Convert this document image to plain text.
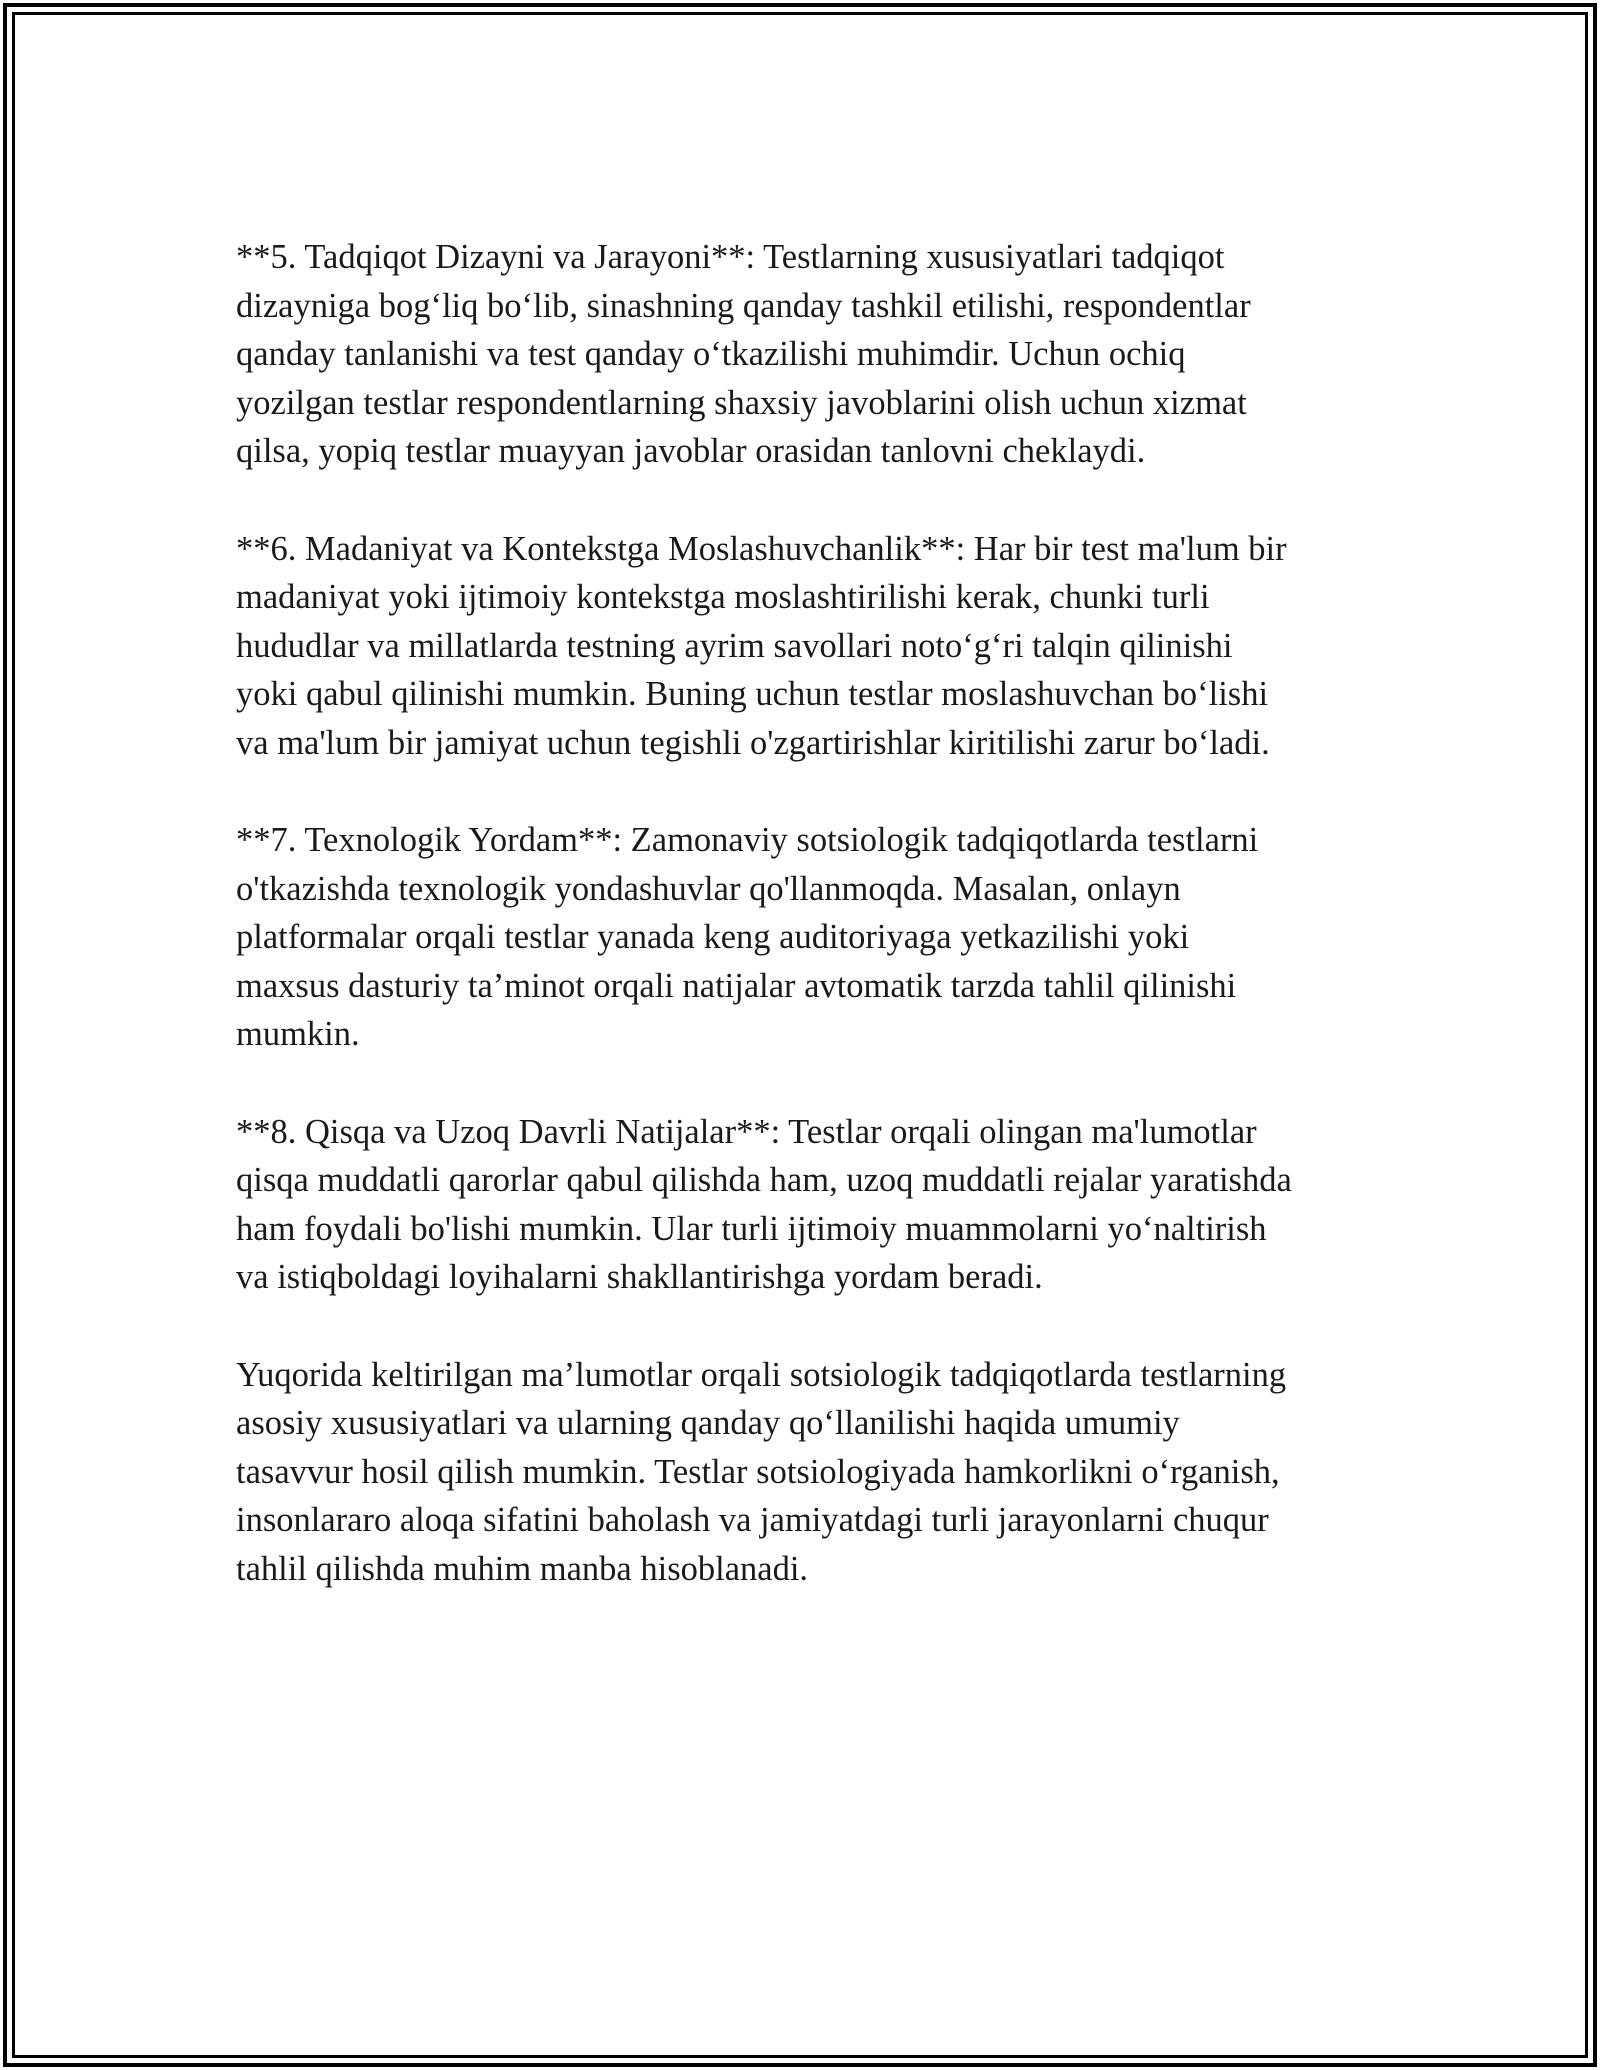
**5. Tadqiqot Dizayni va Jarayoni**: Testlarning xususiyatlari tadqiqot
dizayniga bog‘liq bo‘lib, sinashning qanday tashkil etilishi, respondentlar
qanday tanlanishi va test qanday o‘tkazilishi muhimdir. Uchun ochiq
yozilgan testlar respondentlarning shaxsiy javoblarini olish uchun xizmat
qilsa, yopiq testlar muayyan javoblar orasidan tanlovni cheklaydi.

**6. Madaniyat va Kontekstga Moslashuvchanlik**: Har bir test ma'lum bir
madaniyat yoki ijtimoiy kontekstga moslashtirilishi kerak, chunki turli
hududlar va millatlarda testning ayrim savollari noto‘g‘ri talqin qilinishi
yoki qabul qilinishi mumkin. Buning uchun testlar moslashuvchan bo‘lishi
va ma'lum bir jamiyat uchun tegishli o'zgartirishlar kiritilishi zarur bo‘ladi.

**7. Texnologik Yordam**: Zamonaviy sotsiologik tadqiqotlarda testlarni
o'tkazishda texnologik yondashuvlar qo'llanmoqda. Masalan, onlayn
platformalar orqali testlar yanada keng auditoriyaga yetkazilishi yoki
maxsus dasturiy ta’minot orqali natijalar avtomatik tarzda tahlil qilinishi
mumkin.

**8. Qisqa va Uzoq Davrli Natijalar**: Testlar orqali olingan ma'lumotlar
qisqa muddatli qarorlar qabul qilishda ham, uzoq muddatli rejalar yaratishda
ham foydali bo'lishi mumkin. Ular turli ijtimoiy muammolarni yo‘naltirish
va istiqboldagi loyihalarni shakllantirishga yordam beradi.

Yuqorida keltirilgan ma’lumotlar orqali sotsiologik tadqiqotlarda testlarning
asosiy xususiyatlari va ularning qanday qo‘llanilishi haqida umumiy
tasavvur hosil qilish mumkin. Testlar sotsiologiyada hamkorlikni o‘rganish,
insonlararo aloqa sifatini baholash va jamiyatdagi turli jarayonlarni chuqur
tahlil qilishda muhim manba hisoblanadi.
